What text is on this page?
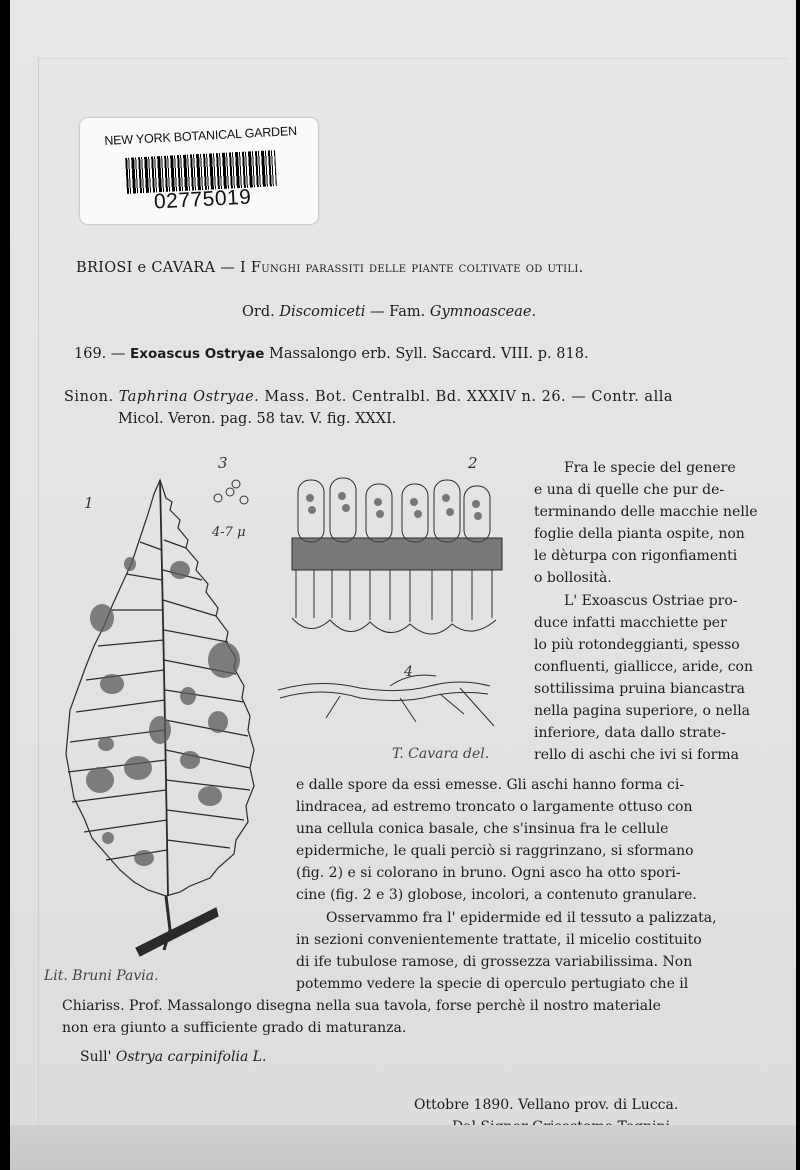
NEW YORK BOTANICAL GARDEN
02775019
BRIOSI e CAVARA — I Funghi parassiti delle piante coltivate od utili.
Ord. Discomiceti — Fam. Gymnoasceae.
169. — Exoascus Ostryae Massalongo erb. Syll. Saccard. VIII. p. 818.
Sinon. Taphrina Ostryae. Mass. Bot. Centralbl. Bd. XXXIV n. 26. — Contr. alla
Micol. Veron. pag. 58 tav. V. fig. XXXI.
1
3
4-7 μ
2
4
T. Cavara del.
Lit. Bruni Pavia.
Fra le specie del genere
e una di quelle che pur de-
terminando delle macchie nelle
foglie della pianta ospite, non
le dèturpa con rigonfiamenti
o bollosità.
L' Exoascus Ostriae pro-
duce infatti macchiette per
lo più rotondeggianti, spesso
confluenti, giallicce, aride, con
sottilissima pruina biancastra
nella pagina superiore, o nella
inferiore, data dallo strate-
rello di aschi che ivi si forma
e dalle spore da essi emesse. Gli aschi hanno forma ci-
lindracea, ad estremo troncato o largamente ottuso con
una cellula conica basale, che s'insinua fra le cellule
epidermiche, le quali perciò si raggrinzano, si sformano
(fig. 2) e si colorano in bruno. Ogni asco ha otto spori-
cine (fig. 2 e 3) globose, incolori, a contenuto granulare.
Osservammo fra l' epidermide ed il tessuto a palizzata,
in sezioni convenientemente trattate, il micelio costituito
di ife tubulose ramose, di grossezza variabilissima. Non
potemmo vedere la specie di operculo pertugiato che il
Chiariss. Prof. Massalongo disegna nella sua tavola, forse perchè il nostro materiale
non era giunto a sufficiente grado di maturanza.
Sull' Ostrya carpinifolia L.
Ottobre 1890. Vellano prov. di Lucca.
